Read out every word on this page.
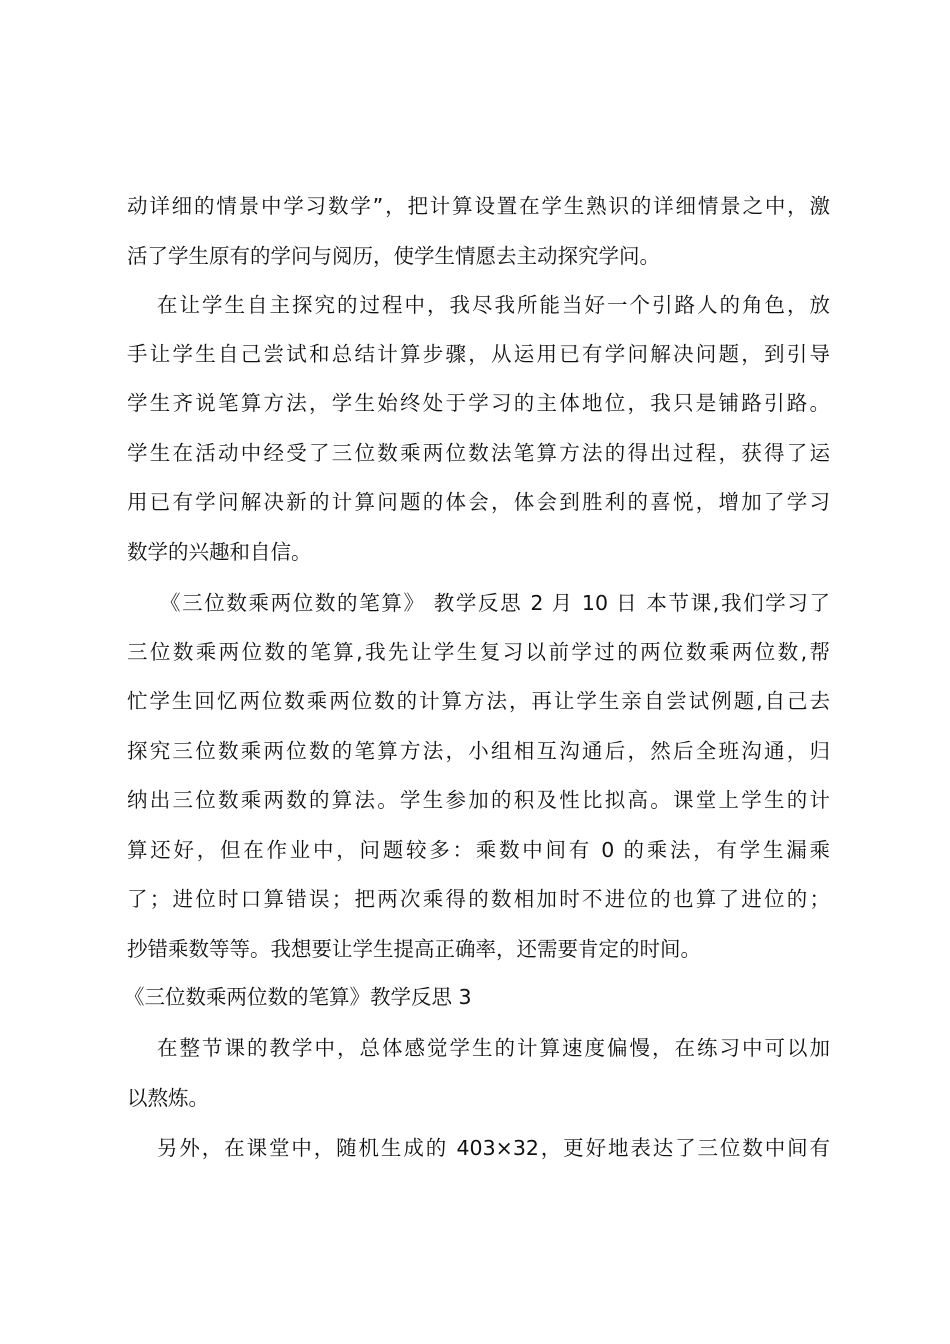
动详细的情景中学习数学”，把计算设置在学生熟识的详细情景之中，激
活了学生原有的学问与阅历，使学生情愿去主动探究学问。
在让学生自主探究的过程中，我尽我所能当好一个引路人的角色，放
手让学生自己尝试和总结计算步骤，从运用已有学问解决问题，到引导
学生齐说笔算方法，学生始终处于学习的主体地位，我只是铺路引路。
学生在活动中经受了三位数乘两位数法笔算方法的得出过程，获得了运
用已有学问解决新的计算问题的体会，体会到胜利的喜悦，增加了学习
数学的兴趣和自信。
《三位数乘两位数的笔算》 教学反思 2 月 10 日 本节课,我们学习了
三位数乘两位数的笔算,我先让学生复习以前学过的两位数乘两位数,帮
忙学生回忆两位数乘两位数的计算方法，再让学生亲自尝试例题,自己去
探究三位数乘两位数的笔算方法，小组相互沟通后，然后全班沟通，归
纳出三位数乘两数的算法。学生参加的积及性比拟高。课堂上学生的计
算还好，但在作业中，问题较多：乘数中间有 0 的乘法，有学生漏乘
了；进位时口算错误；把两次乘得的数相加时不进位的也算了进位的；
抄错乘数等等。我想要让学生提高正确率，还需要肯定的时间。
《三位数乘两位数的笔算》教学反思 3
在整节课的教学中，总体感觉学生的计算速度偏慢，在练习中可以加
以熬炼。
另外，在课堂中，随机生成的 403×32，更好地表达了三位数中间有
